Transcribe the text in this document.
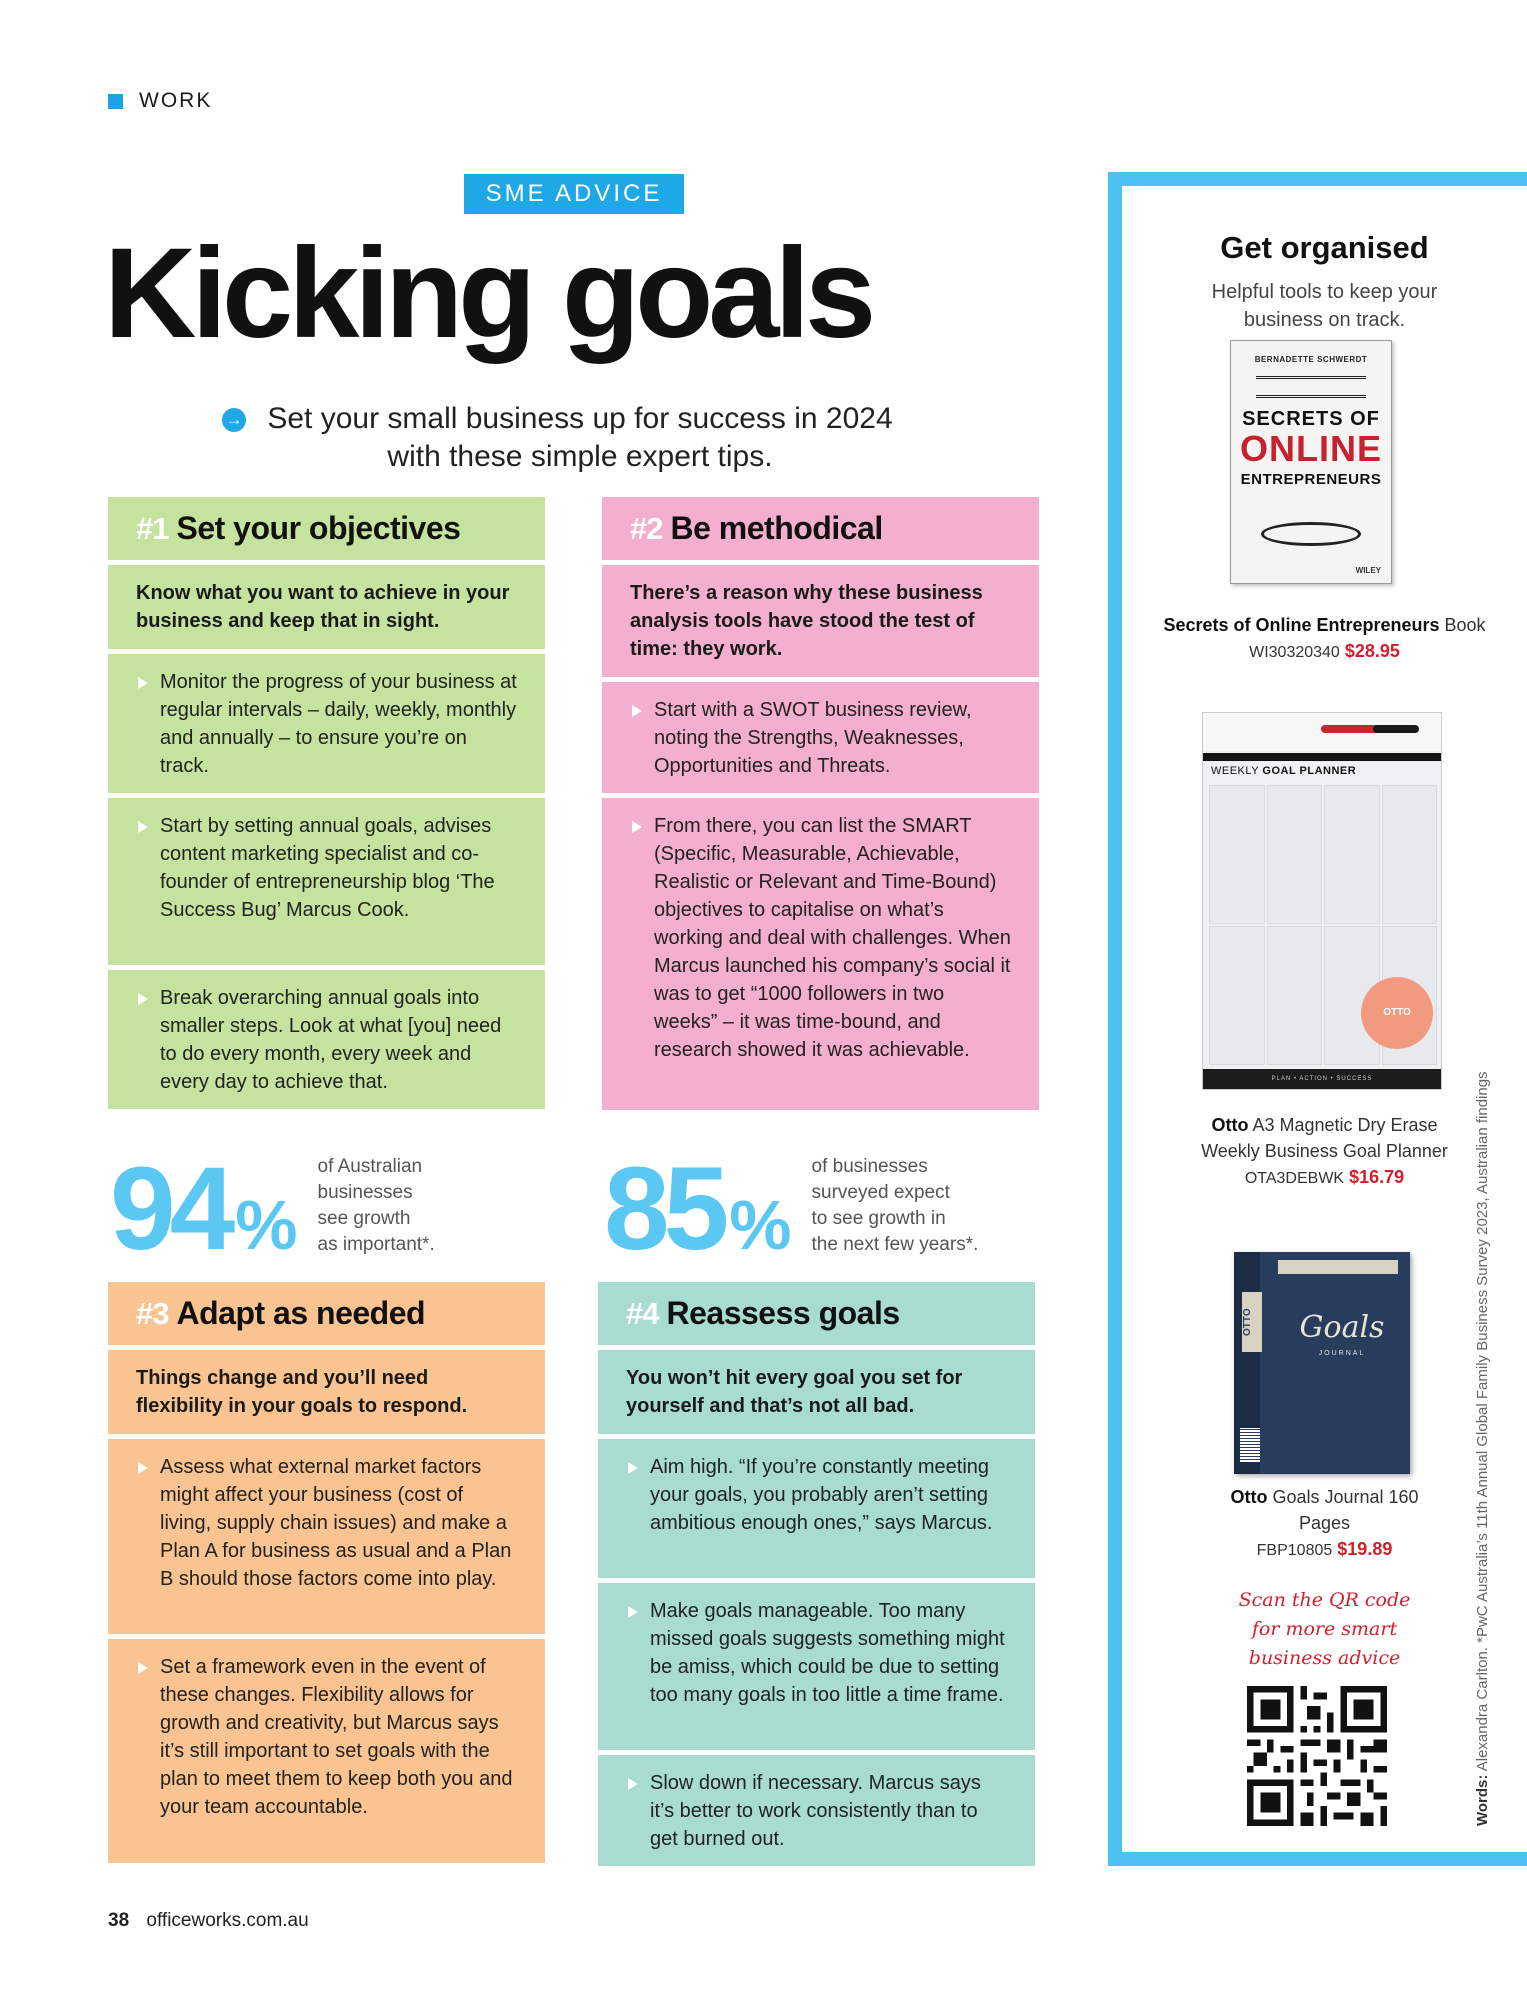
WORK
SME ADVICE
Kicking goals
→ Set your small business up for success in 2024
with these simple expert tips.
#1 Set your objectives
Know what you want to achieve in your business and keep that in sight.
Monitor the progress of your business at regular intervals – daily, weekly, monthly and annually – to ensure you’re on track.
Start by setting annual goals, advises content marketing specialist and co-founder of entrepreneurship blog ‘The Success Bug’ Marcus Cook.
Break overarching annual goals into smaller steps. Look at what [you] need to do every month, every week and every day to achieve that.
#2 Be methodical
There’s a reason why these business analysis tools have stood the test of time: they work.
Start with a SWOT business review, noting the Strengths, Weaknesses, Opportunities and Threats.
From there, you can list the SMART (Specific, Measurable, Achievable, Realistic or Relevant and Time-Bound) objectives to capitalise on what’s working and deal with challenges. When Marcus launched his company’s social it was to get “1000 followers in two weeks” – it was time-bound, and research showed it was achievable.
94 %
of Australian
businesses
see growth
as important*. 85 %
of businesses
surveyed expect
to see growth in
the next few years*.
#3 Adapt as needed
Things change and you’ll need flexibility in your goals to respond.
Assess what external market factors might affect your business (cost of living, supply chain issues) and make a Plan A for business as usual and a Plan B should those factors come into play.
Set a framework even in the event of these changes. Flexibility allows for growth and creativity, but Marcus says it’s still important to set goals with the plan to meet them to keep both you and your team accountable.
#4 Reassess goals
You won’t hit every goal you set for yourself and that’s not all bad.
Aim high. “If you’re constantly meeting your goals, you probably aren’t setting ambitious enough ones,” says Marcus.
Make goals manageable. Too many missed goals suggests something might be amiss, which could be due to setting too many goals in too little a time frame.
Slow down if necessary. Marcus says it’s better to work consistently than to get burned out.
38 officeworks.com.au
Get organised
Helpful tools to keep your business on track.
BERNADETTE SCHWERDT
SECRETS OF
ONLINE
ENTREPRENEURS
WILEY
Secrets of Online Entrepreneurs Book
WI30320340 $28.95
WEEKLY GOAL PLANNER
OTTO
PLAN • ACTION • SUCCESS
Otto A3 Magnetic Dry Erase Weekly Business Goal Planner
OTA3DEBWK $16.79
OTTO	Goals
JOURNAL
Otto Goals Journal 160 Pages
FBP10805 $19.89
Scan the QR code
for more smart
business advice
Words: Alexandra Carlton. *PwC Australia’s 11th Annual Global Family Business Survey 2023, Australian findings
